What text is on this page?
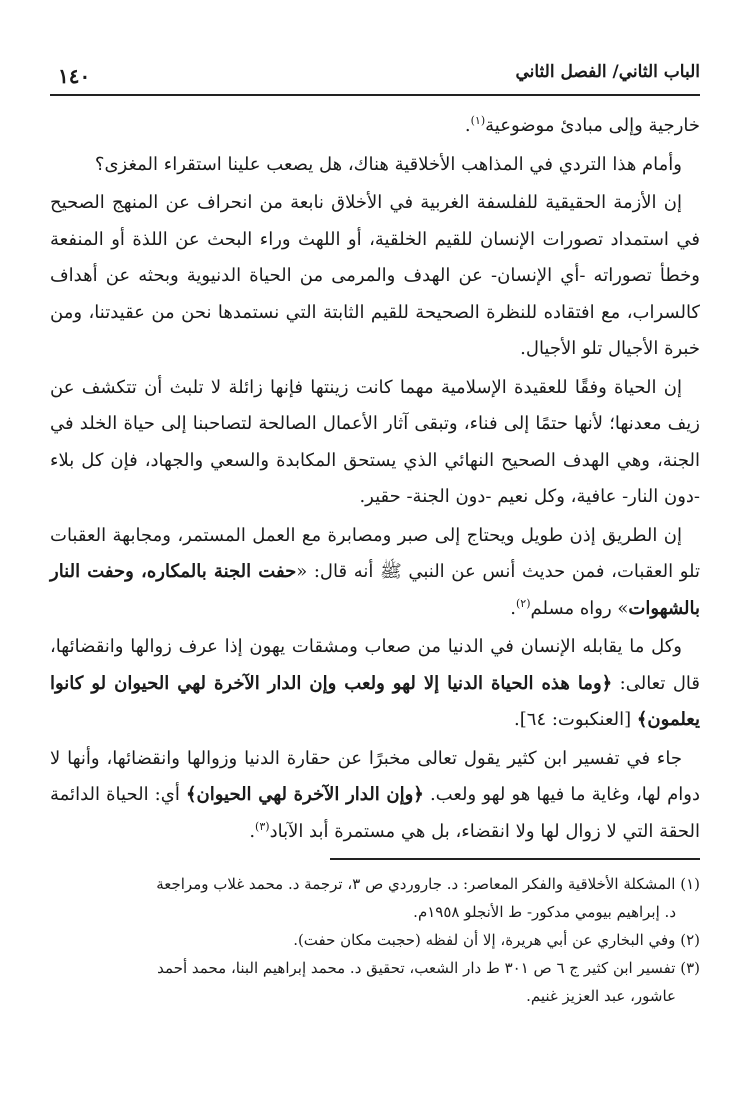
الباب الثاني/ الفصل الثاني
١٤٠

خارجية وإلى مبادئ موضوعية$^{(١)}$.

وأمام هذا التردي في المذاهب الأخلاقية هناك، هل يصعب علينا استقراء المغزى؟

إن الأزمة الحقيقية للفلسفة الغربية في الأخلاق نابعة من انحراف عن المنهج الصحيح في استمداد تصورات الإنسان للقيم الخلقية، أو اللهث وراء البحث عن اللذة أو المنفعة وخطأ تصوراته -أي الإنسان- عن الهدف والمرمى من الحياة الدنيوية وبحثه عن أهداف كالسراب، مع افتقاده للنظرة الصحيحة للقيم الثابتة التي نستمدها نحن من عقيدتنا، ومن خبرة الأجيال تلو الأجيال.

إن الحياة وفقًا للعقيدة الإسلامية مهما كانت زينتها فإنها زائلة لا تلبث أن تتكشف عن زيف معدنها؛ لأنها حتمًا إلى فناء، وتبقى آثار الأعمال الصالحة لتصاحبنا إلى حياة الخلد في الجنة، وهي الهدف الصحيح النهائي الذي يستحق المكابدة والسعي والجهاد، فإن كل بلاء -دون النار- عافية، وكل نعيم -دون الجنة- حقير.

إن الطريق إذن طويل ويحتاج إلى صبر ومصابرة مع العمل المستمر، ومجابهة العقبات تلو العقبات، فمن حديث أنس عن النبي ﷺ أنه قال: «حفت الجنة بالمكاره، وحفت النار بالشهوات» رواه مسلم$^{(٢)}$.

وكل ما يقابله الإنسان في الدنيا من صعاب ومشقات يهون إذا عرف زوالها وانقضائها، قال تعالى: ﴿وما هذه الحياة الدنيا إلا لهو ولعب وإن الدار الآخرة لهي الحيوان لو كانوا يعلمون﴾ [العنكبوت: ٦٤].

جاء في تفسير ابن كثير يقول تعالى مخبرًا عن حقارة الدنيا وزوالها وانقضائها، وأنها لا دوام لها، وغاية ما فيها هو لهو ولعب. ﴿وإن الدار الآخرة لهي الحيوان﴾ أي: الحياة الدائمة الحقة التي لا زوال لها ولا انقضاء، بل هي مستمرة أبد الآباد$^{(٣)}$.

(١) المشكلة الأخلاقية والفكر المعاصر: د. جاروردي ص ٣، ترجمة د. محمد غلاب ومراجعة
د. إبراهيم بيومي مدكور- ط الأنجلو ١٩٥٨م.

(٢) وفي البخاري عن أبي هريرة، إلا أن لفظه (حجبت مكان حفت).

(٣) تفسير ابن كثير ج ٦ ص ٣٠١ ط دار الشعب، تحقيق د. محمد إبراهيم البنا، محمد أحمد
عاشور، عبد العزيز غنيم.
